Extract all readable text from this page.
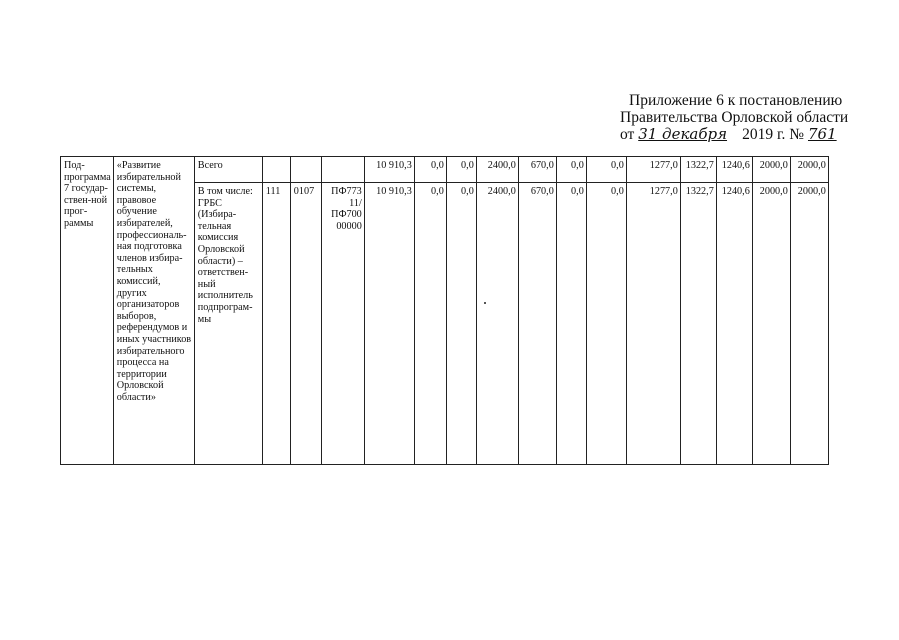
Приложение 6 к постановлению
Правительства Орловской области
от 31 декабря 2019 г. № 761
Под-программа 7 государ-ствен-ной прог-раммы	«Развитие избирательной системы, правовое обучение избирателей, профессиональ-ная подготовка членов избира-тельных комиссий, других организаторов выборов, референдумов и иных участников избирательного процесса на территории Орловской области»	Всего				10 910,3	0,0	0,0	2400,0	670,0	0,0	0,0	1277,0	1322,7	1240,6	2000,0	2000,0
		В том числе: ГРБС (Избира-тельная комиссия Орловской области) – ответствен-ный исполнитель подпрограм-мы	111	0107	ПФ773 11/ ПФ700 00000	10 910,3	0,0	0,0	2400,0	670,0	0,0	0,0	1277,0	1322,7	1240,6	2000,0	2000,0
